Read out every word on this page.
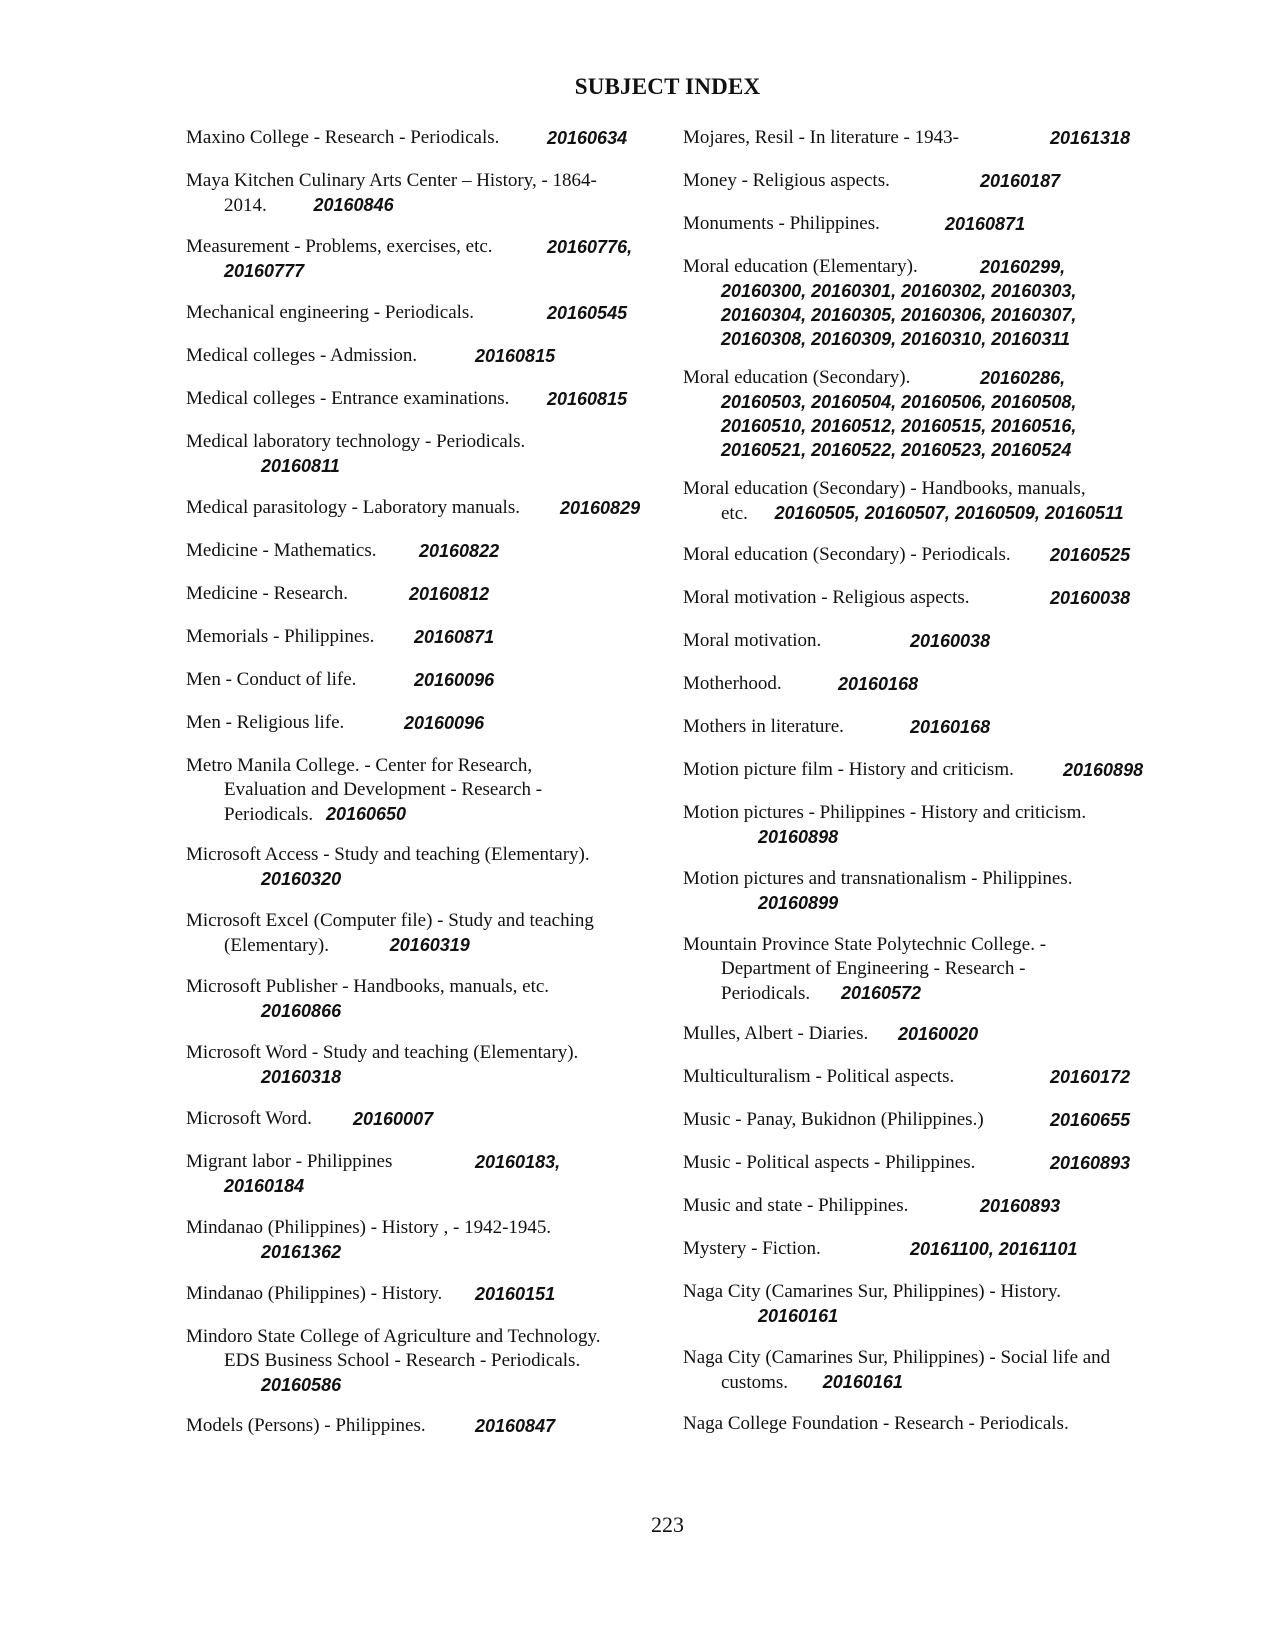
SUBJECT INDEX
Maxino College - Research - Periodicals.	20160634
Maya Kitchen Culinary Arts Center – History, - 1864-
2014.	20160846
Measurement - Problems, exercises, etc.	20160776,
20160777
Mechanical engineering - Periodicals.	20160545
Medical colleges - Admission.	20160815
Medical colleges - Entrance examinations. 20160815
Medical laboratory technology - Periodicals.
20160811
Medical parasitology - Laboratory manuals. 20160829
Medicine - Mathematics. 20160822
Medicine - Research.	20160812
Memorials - Philippines. 20160871
Men - Conduct of life.	20160096
Men - Religious life.	20160096
Metro Manila College. - Center for Research,
Evaluation and Development - Research -
Periodicals. 20160650
Microsoft Access - Study and teaching (Elementary).
20160320
Microsoft Excel (Computer file) - Study and teaching
(Elementary).	20160319
Microsoft Publisher - Handbooks, manuals, etc.
20160866
Microsoft Word - Study and teaching (Elementary).
20160318
Microsoft Word. 20160007
Migrant labor - Philippines	20160183,
20160184
Mindanao (Philippines) - History , - 1942-1945.
20161362
Mindanao (Philippines) - History. 20160151
Mindoro State College of Agriculture and Technology.
EDS Business School - Research - Periodicals.
20160586
Models (Persons) - Philippines.	20160847
Mojares, Resil - In literature - 1943-	20161318
Money - Religious aspects.	20160187
Monuments - Philippines.	20160871
Moral education (Elementary).	20160299,
20160300, 20160301, 20160302, 20160303,
20160304, 20160305, 20160306, 20160307,
20160308, 20160309, 20160310, 20160311
Moral education (Secondary).	20160286,
20160503, 20160504, 20160506, 20160508,
20160510, 20160512, 20160515, 20160516,
20160521, 20160522, 20160523, 20160524
Moral education (Secondary) - Handbooks, manuals,
etc. 20160505, 20160507, 20160509, 20160511
Moral education (Secondary) - Periodicals. 20160525
Moral motivation - Religious aspects.	20160038
Moral motivation.	20160038
Motherhood.	20160168
Mothers in literature.	20160168
Motion picture film - History and criticism.	20160898
Motion pictures - Philippines - History and criticism.
20160898
Motion pictures and transnationalism - Philippines.
20160899
Mountain Province State Polytechnic College. -
Department of Engineering - Research -
Periodicals. 20160572
Mulles, Albert - Diaries. 20160020
Multiculturalism - Political aspects.	20160172
Music - Panay, Bukidnon (Philippines.)	20160655
Music - Political aspects - Philippines.	20160893
Music and state - Philippines.	20160893
Mystery - Fiction.	20161100, 20161101
Naga City (Camarines Sur, Philippines) - History.
20160161
Naga City (Camarines Sur, Philippines) - Social life and
customs. 20160161
Naga College Foundation - Research - Periodicals.
223
